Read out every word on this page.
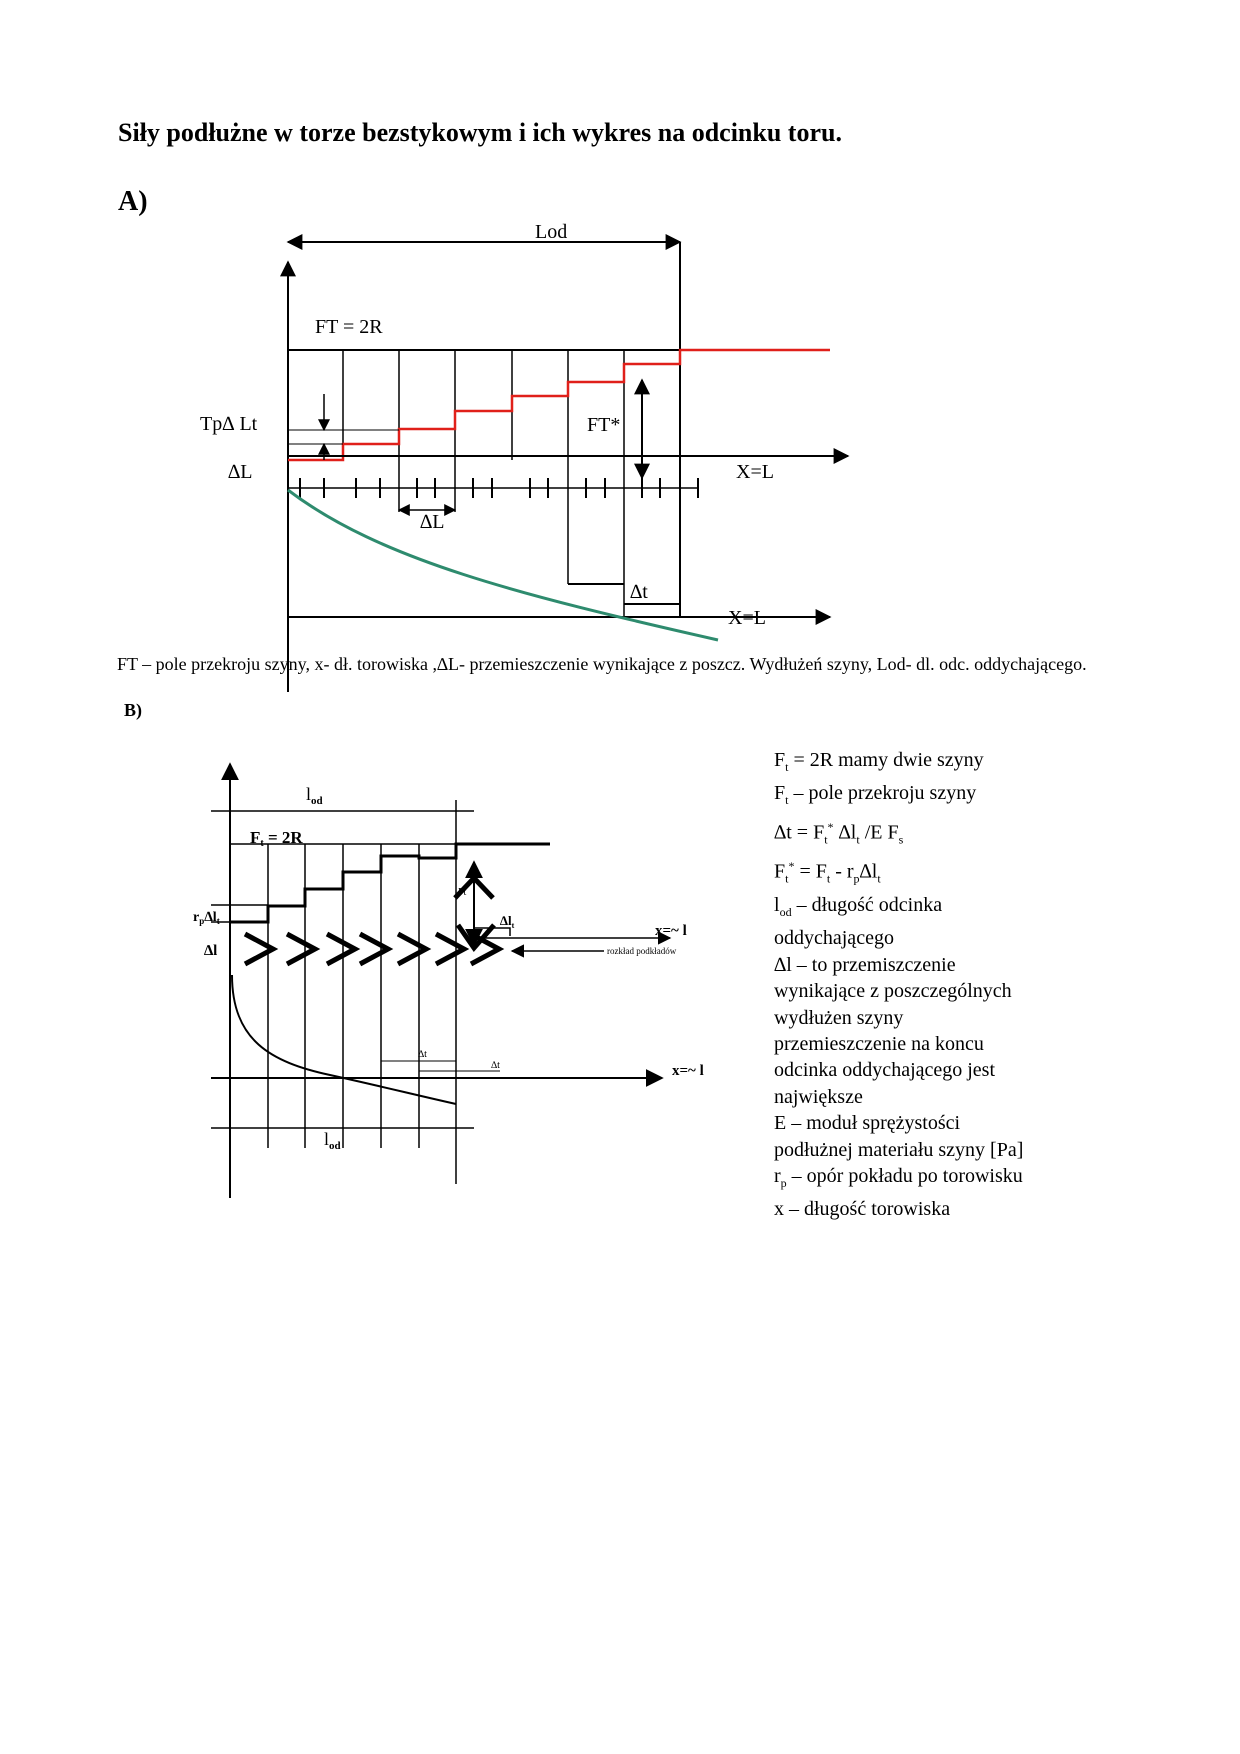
Siły podłużne w torze bezstykowym i ich wykres na odcinku toru.
A)
Lod
FT = 2R
Tp∆ Lt
X=L
∆L
FT*
∆L
∆t
X=L
FT – pole przekroju szyny, x- dł. torowiska ,∆L- przemieszczenie wynikające z poszcz. Wydłużeń szyny, Lod- dl. odc. oddychającego.
B)
$l_{od}$
Ft = 2R
$r_p\Delta l_t$
∆l
Ft
$\Delta l_t$	x=~ l
rozkład podkładów
∆t
∆t	x=~ l
$l_{od}$
$F_t = 2R$ mamy dwie szyny
$F_t$ – pole przekroju szyny
$\Delta t = F_t^*$ $\Delta l_t$ /E $F_s$
$F_t^* = F_t - r_p\Delta l_t$
$l_{od}$ – długość odcinka
oddychającego
∆l – to przemiszczenie
wynikające z poszczególnych
wydłużen szyny
przemieszczenie na koncu
odcinka oddychającego jest
największe
E – moduł sprężystości
podłużnej materiału szyny [Pa]
$r_p$ – opór pokładu po torowisku
x – długość torowiska
